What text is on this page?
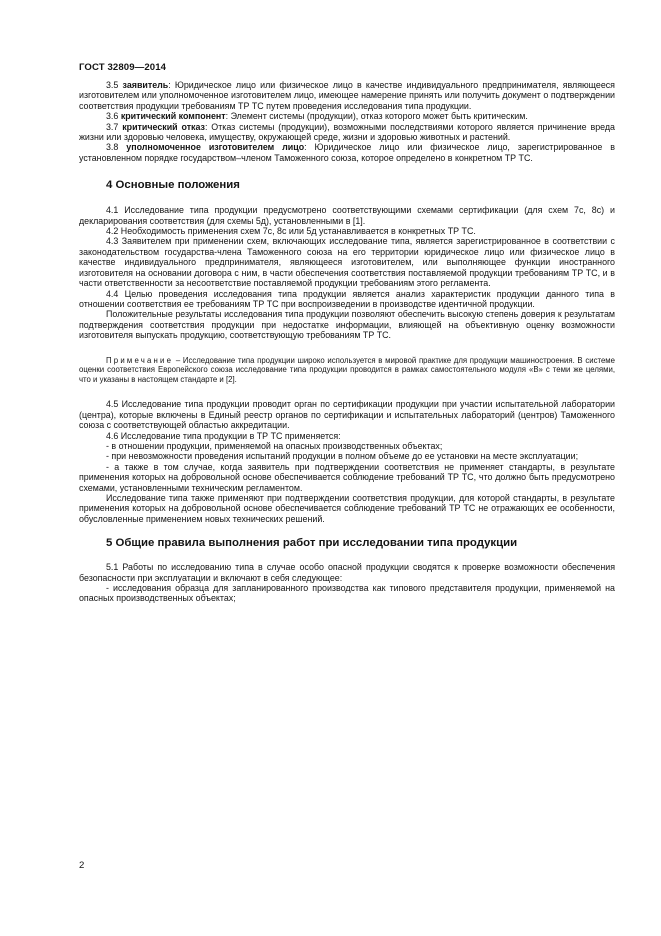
ГОСТ 32809—2014

3.5 заявитель: Юридическое лицо или физическое лицо в качестве индивидуального предпринимателя, являющееся изготовителем или уполномоченное изготовителем лицо, имеющее намерение принять или получить документ о подтверждении соответствия продукции требованиям ТР ТС путем проведения исследования типа продукции.

3.6 критический компонент: Элемент системы (продукции), отказ которого может быть критическим.

3.7 критический отказ: Отказ системы (продукции), возможными последствиями которого является причинение вреда жизни или здоровью человека, имуществу, окружающей среде, жизни и здоровью животных и растений.

3.8 уполномоченное изготовителем лицо: Юридическое лицо или физическое лицо, зарегистрированное в установленном порядке государством–членом Таможенного союза, которое определено в конкретном ТР ТС.

4 Основные положения

4.1 Исследование типа продукции предусмотрено соответствующими схемами сертификации (для схем 7с, 8с) и декларирования соответствия (для схемы 5д), установленными в [1].

4.2 Необходимость применения схем 7с, 8с или 5д устанавливается в конкретных ТР ТС.

4.3 Заявителем при применении схем, включающих исследование типа, является зарегистрированное в соответствии с законодательством государства-члена Таможенного союза на его территории юридическое лицо или физическое лицо в качестве индивидуального предпринимателя, являющееся изготовителем, или выполняющее функции иностранного изготовителя на основании договора с ним, в части обеспечения соответствия поставляемой продукции требованиям ТР ТС, и в части ответственности за несоответствие поставляемой продукции требованиям этого регламента.

4.4 Целью проведения исследования типа продукции является анализ характеристик продукции данного типа в отношении соответствия ее требованиям ТР ТС при воспроизведении в производстве идентичной продукции.

Положительные результаты исследования типа продукции позволяют обеспечить высокую степень доверия к результатам подтверждения соответствия продукции при недостатке информации, влияющей на объективную оценку возможности изготовителя выпускать продукцию, соответствующую требованиям ТР ТС.

Примечание – Исследование типа продукции широко используется в мировой практике для продукции машиностроения. В системе оценки соответствия Европейского союза исследование типа продукции проводится в рамках самостоятельного модуля «В» с теми же целями, что и указаны в настоящем стандарте и [2].

4.5 Исследование типа продукции проводит орган по сертификации продукции при участии испытательной лаборатории (центра), которые включены в Единый реестр органов по сертификации и испытательных лабораторий (центров) Таможенного союза с соответствующей областью аккредитации.

4.6 Исследование типа продукции в ТР ТС применяется:

- в отношении продукции, применяемой на опасных производственных объектах;

- при невозможности проведения испытаний продукции в полном объеме до ее установки на месте эксплуатации;

- а также в том случае, когда заявитель при подтверждении соответствия не применяет стандарты, в результате применения которых на добровольной основе обеспечивается соблюдение требований ТР ТС, что должно быть предусмотрено схемами, установленными техническим регламентом.

Исследование типа также применяют при подтверждении соответствия продукции, для которой стандарты, в результате применения которых на добровольной основе обеспечивается соблюдение требований ТР ТС не отражающих ее особенности, обусловленные применением новых технических решений.

5 Общие правила выполнения работ при исследовании типа продукции

5.1 Работы по исследованию типа в случае особо опасной продукции сводятся к проверке возможности обеспечения безопасности при эксплуатации и включают в себя следующее:

- исследования образца для запланированного производства как типового представителя продукции, применяемой на опасных производственных объектах;

2
